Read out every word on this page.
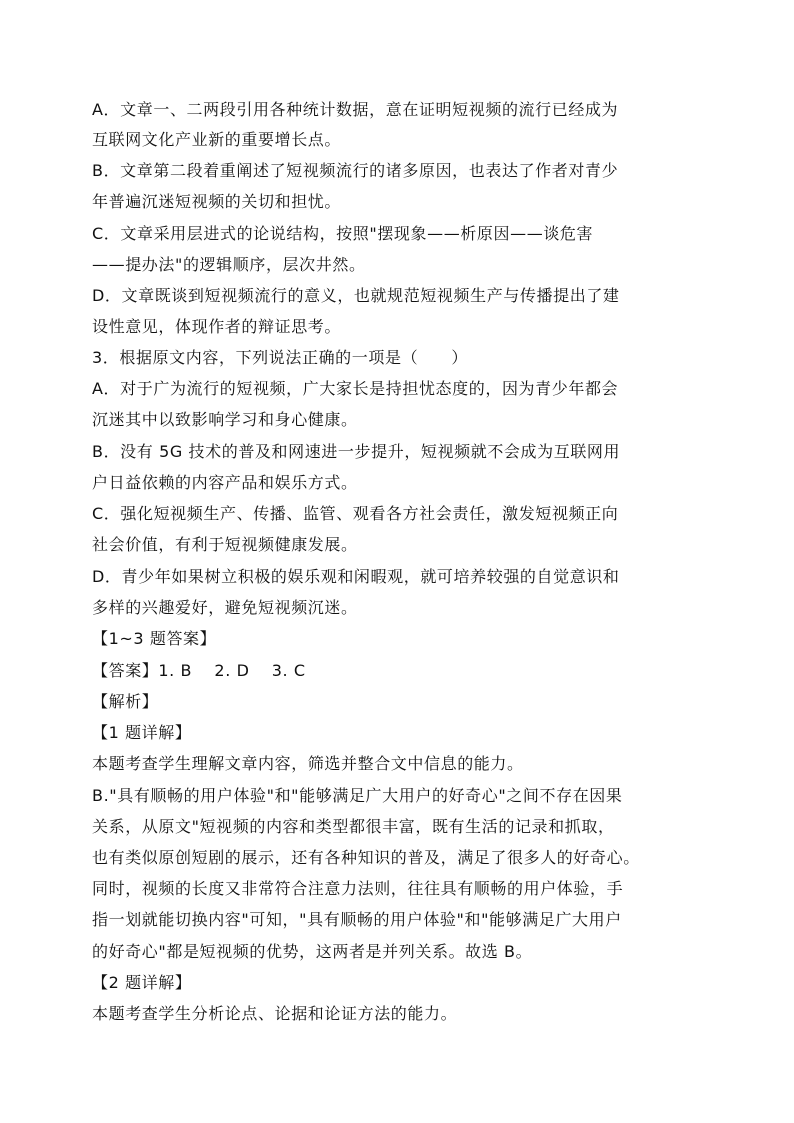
A．文章一、二两段引用各种统计数据，意在证明短视频的流行已经成为
互联网文化产业新的重要增长点。
B．文章第二段着重阐述了短视频流行的诸多原因，也表达了作者对青少
年普遍沉迷短视频的关切和担忧。
C．文章采用层进式的论说结构，按照"摆现象——析原因——谈危害
——提办法"的逻辑顺序，层次井然。
D．文章既谈到短视频流行的意义，也就规范短视频生产与传播提出了建
设性意见，体现作者的辩证思考。
3．根据原文内容，下列说法正确的一项是（　　）
A．对于广为流行的短视频，广大家长是持担忧态度的，因为青少年都会
沉迷其中以致影响学习和身心健康。
B．没有 5G 技术的普及和网速进一步提升，短视频就不会成为互联网用
户日益依赖的内容产品和娱乐方式。
C．强化短视频生产、传播、监管、观看各方社会责任，激发短视频正向
社会价值，有利于短视频健康发展。
D．青少年如果树立积极的娱乐观和闲暇观，就可培养较强的自觉意识和
多样的兴趣爱好，避免短视频沉迷。
【1~3 题答案】
【答案】1. B　 2. D　 3. C
【解析】
【1 题详解】
本题考查学生理解文章内容，筛选并整合文中信息的能力。
B."具有顺畅的用户体验"和"能够满足广大用户的好奇心"之间不存在因果
关系，从原文"短视频的内容和类型都很丰富，既有生活的记录和抓取，
也有类似原创短剧的展示，还有各种知识的普及，满足了很多人的好奇心。
同时，视频的长度又非常符合注意力法则，往往具有顺畅的用户体验，手
指一划就能切换内容"可知，"具有顺畅的用户体验"和"能够满足广大用户
的好奇心"都是短视频的优势，这两者是并列关系。故选 B。
【2 题详解】
本题考查学生分析论点、论据和论证方法的能力。
